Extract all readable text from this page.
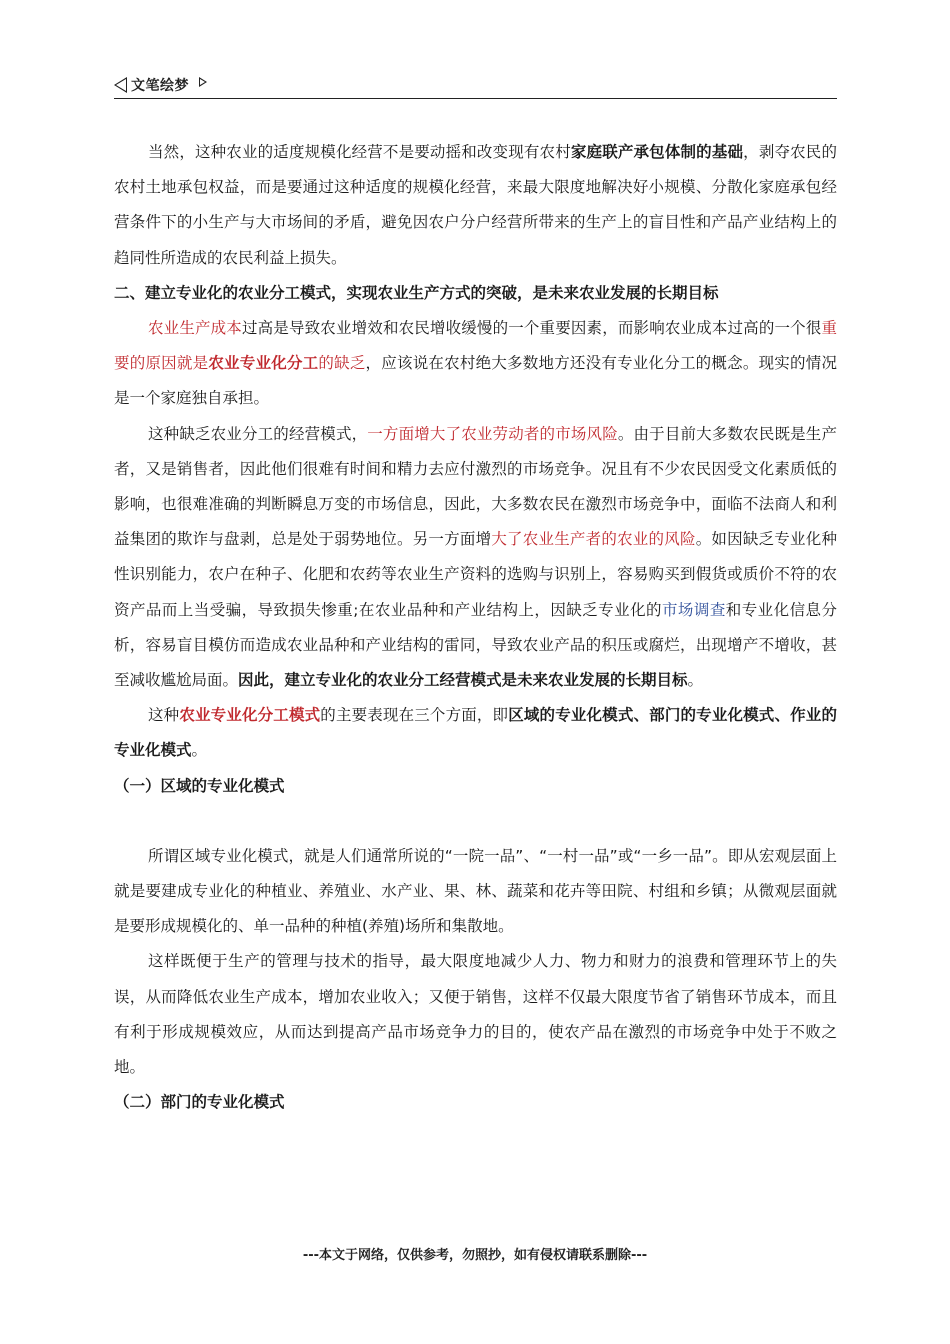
文笔绘梦

当然，这种农业的适度规模化经营不是要动摇和改变现有农村家庭联产承包体制的基础，剥夺农民的农村土地承包权益，而是要通过这种适度的规模化经营，来最大限度地解决好小规模、分散化家庭承包经营条件下的小生产与大市场间的矛盾，避免因农户分户经营所带来的生产上的盲目性和产品产业结构上的趋同性所造成的农民利益上损失。

二、建立专业化的农业分工模式，实现农业生产方式的突破，是未来农业发展的长期目标

农业生产成本过高是导致农业增效和农民增收缓慢的一个重要因素，而影响农业成本过高的一个很重要的原因就是农业专业化分工的缺乏，应该说在农村绝大多数地方还没有专业化分工的概念。现实的情况是一个家庭独自承担。

这种缺乏农业分工的经营模式，一方面增大了农业劳动者的市场风险。由于目前大多数农民既是生产者，又是销售者，因此他们很难有时间和精力去应付激烈的市场竞争。况且有不少农民因受文化素质低的影响，也很难准确的判断瞬息万变的市场信息，因此，大多数农民在激烈市场竞争中，面临不法商人和利益集团的欺诈与盘剥，总是处于弱势地位。另一方面增大了农业生产者的农业的风险。如因缺乏专业化种性识别能力，农户在种子、化肥和农药等农业生产资料的选购与识别上，容易购买到假货或质价不符的农资产品而上当受骗，导致损失惨重;在农业品种和产业结构上，因缺乏专业化的市场调查和专业化信息分析，容易盲目模仿而造成农业品种和产业结构的雷同，导致农业产品的积压或腐烂，出现增产不增收，甚至减收尴尬局面。因此，建立专业化的农业分工经营模式是未来农业发展的长期目标。

这种农业专业化分工模式的主要表现在三个方面，即区域的专业化模式、部门的专业化模式、作业的专业化模式。

（一）区域的专业化模式

所谓区域专业化模式，就是人们通常所说的“一院一品”、“一村一品”或“一乡一品”。即从宏观层面上就是要建成专业化的种植业、养殖业、水产业、果、林、蔬菜和花卉等田院、村组和乡镇；从微观层面就是要形成规模化的、单一品种的种植(养殖)场所和集散地。

这样既便于生产的管理与技术的指导，最大限度地减少人力、物力和财力的浪费和管理环节上的失误，从而降低农业生产成本，增加农业收入；又便于销售，这样不仅最大限度节省了销售环节成本，而且有利于形成规模效应，从而达到提高产品市场竞争力的目的，使农产品在激烈的市场竞争中处于不败之地。

（二）部门的专业化模式

---本文于网络，仅供参考，勿照抄，如有侵权请联系删除---
